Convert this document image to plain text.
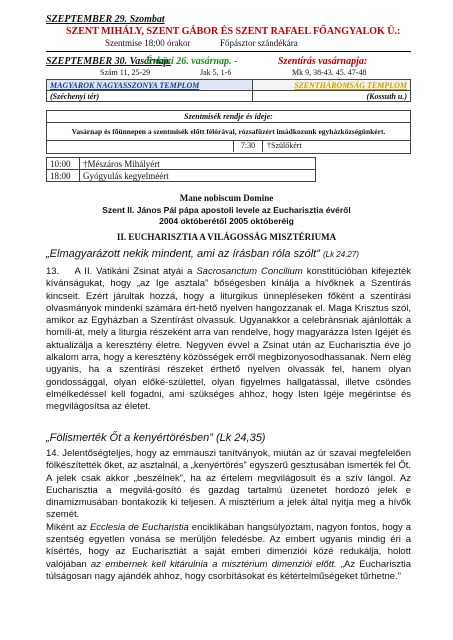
SZEPTEMBER 29. Szombat
SZENT MIHÁLY, SZENT GÁBOR ÉS SZENT RAFAEL FŐANGYALOK Ü.:
Szentmise 18:00 órakor	Főpásztor szándékára
SZEPTEMBER 30. Vasárnap.
Évközi 26. vasárnap. -	Szentírás vasárnapja:
Szám 11, 25-29	Jak 5, 1-6	Mk 9, 38-43. 45. 47-48
MAGYAROK NAGYASSZONYA TEMPLOM	SZENTHÁROMSÁG TEMPLOM
(Széchenyi tér)	(Kossuth u.)
Szentmisék rendje és ideje:
Vasárnap és főünnepen a szentmisék előtt félórával, rózsafüzért imádkozunk egyházközségünkért.
7:30	†Szülőkért
10:00	†Mészáros Mihályért
18:00	Gyógyulás kegyelméért
Mane nobiscum Domine
Szent II. János Pál pápa apostoli levele az Eucharisztia évéről
2004 októberétől 2005 októberéig
II. EUCHARISZTIA A VILÁGOSSÁG MISZTÉRIUMA
„Elmagyarázott nekik mindent, ami az írásban róla szólt” (Lk 24,27)

13. A II. Vatikáni Zsinat atyái a Sacrosanctum Concilium konstitúcióban kifejezték kívánságukat, hogy „az Ige asztala” bőségesben kínálja a hívőknek a Szentírás kincseit. Ezért járultak hozzá, hogy a liturgikus ünnepléseken főként a szentírási olvasmányok mindenki számára ért-hető nyelven hangozzanak el. Maga Krisztus szól, amikor az Egyházban a Szentírást olvassuk. Ugyanakkor a celebránsnak ajánlották a homíli-át, mely a liturgia részeként arra van rendelve, hogy magyarázza Isten Igéjét és aktualizálja a keresztény életre. Negyven évvel a Zsinat után az Eucharisztia éve jó alkalom arra, hogy a keresztény közösségek erről megbizonyosodhassanak. Nem elég ugyanis, ha a szentírási részeket érthető nyelven olvassák fel, hanem olyan gondossággal, olyan előké-születtel, olyan figyelmes hallgatással, illetve csöndes elmélkedéssel kell fogadni, ami szükséges ahhoz, hogy Isten Igéje megérintse és megvilágosítsa az életet.

„Fölismerték Őt a kenyértörésben” (Lk 24,35)

14. Jelentőségteljes, hogy az emmauszi tanítványok, miután az úr szavai megfelelően fölkészítették őket, az asztalnál, a „kenyértörés” egyszerű gesztusában ismerték fel Őt. A jelek csak akkor „beszélnek”, ha az értelem megvilágosult és a szív lángol. Az Eucharisztia a megvilá-gosító és gazdag tartalmú üzenetet hordozó jelek e dinamizmusában bontakozik ki teljesen. A misztérium a jelek által nyitja meg a hívők szemét.
Miként az Ecclesia de Eucharistia enciklikában hangsúlyoztam, nagyon fontos, hogy a szentség egyetlen vonása se merüljön feledésbe. Az embert ugyanis mindig éri a kísértés, hogy az Eucharisztiát a saját emberi dimenziói közé redukálja, holott valójában az embernek kell kitárulnia a misztérium dimenziói előtt. „Az Eucharisztia túlságosan nagy ajándék ahhoz, hogy csorbításokat és kétértelműségeket tűrhetne.”
